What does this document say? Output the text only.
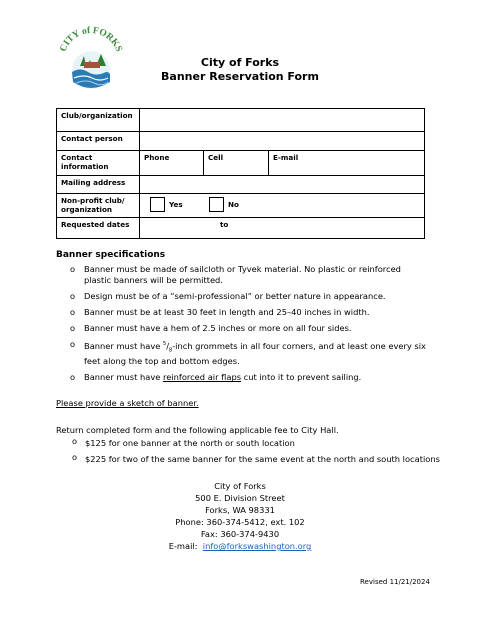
CITY of FORKS
City of Forks
Banner Reservation Form
Club/organization			
Contact person			
Contact information	Phone	Cell	E-mail
Mailing address			
Non-profit club/ organization	Yes No		
Requested dates	to		
Banner specifications
o Banner must be made of sailcloth or Tyvek material. No plastic or reinforced plastic banners will be permitted.
o Design must be of a “semi-professional” or better nature in appearance.
o Banner must be at least 30 feet in length and 25–40 inches in width.
o Banner must have a hem of 2.5 inches or more on all four sides.
o Banner must have $^5/_8$-inch grommets in all four corners, and at least one every six feet along the top and bottom edges.
o Banner must have reinforced air flaps cut into it to prevent sailing.
Please provide a sketch of banner.
Return completed form and the following applicable fee to City Hall.
o $125 for one banner at the north or south location
o $225 for two of the same banner for the same event at the north and south locations
City of Forks
500 E. Division Street
Forks, WA 98331
Phone: 360-374-5412, ext. 102
Fax: 360-374-9430
E-mail: info@forkswashington.org
Revised 11/21/2024
